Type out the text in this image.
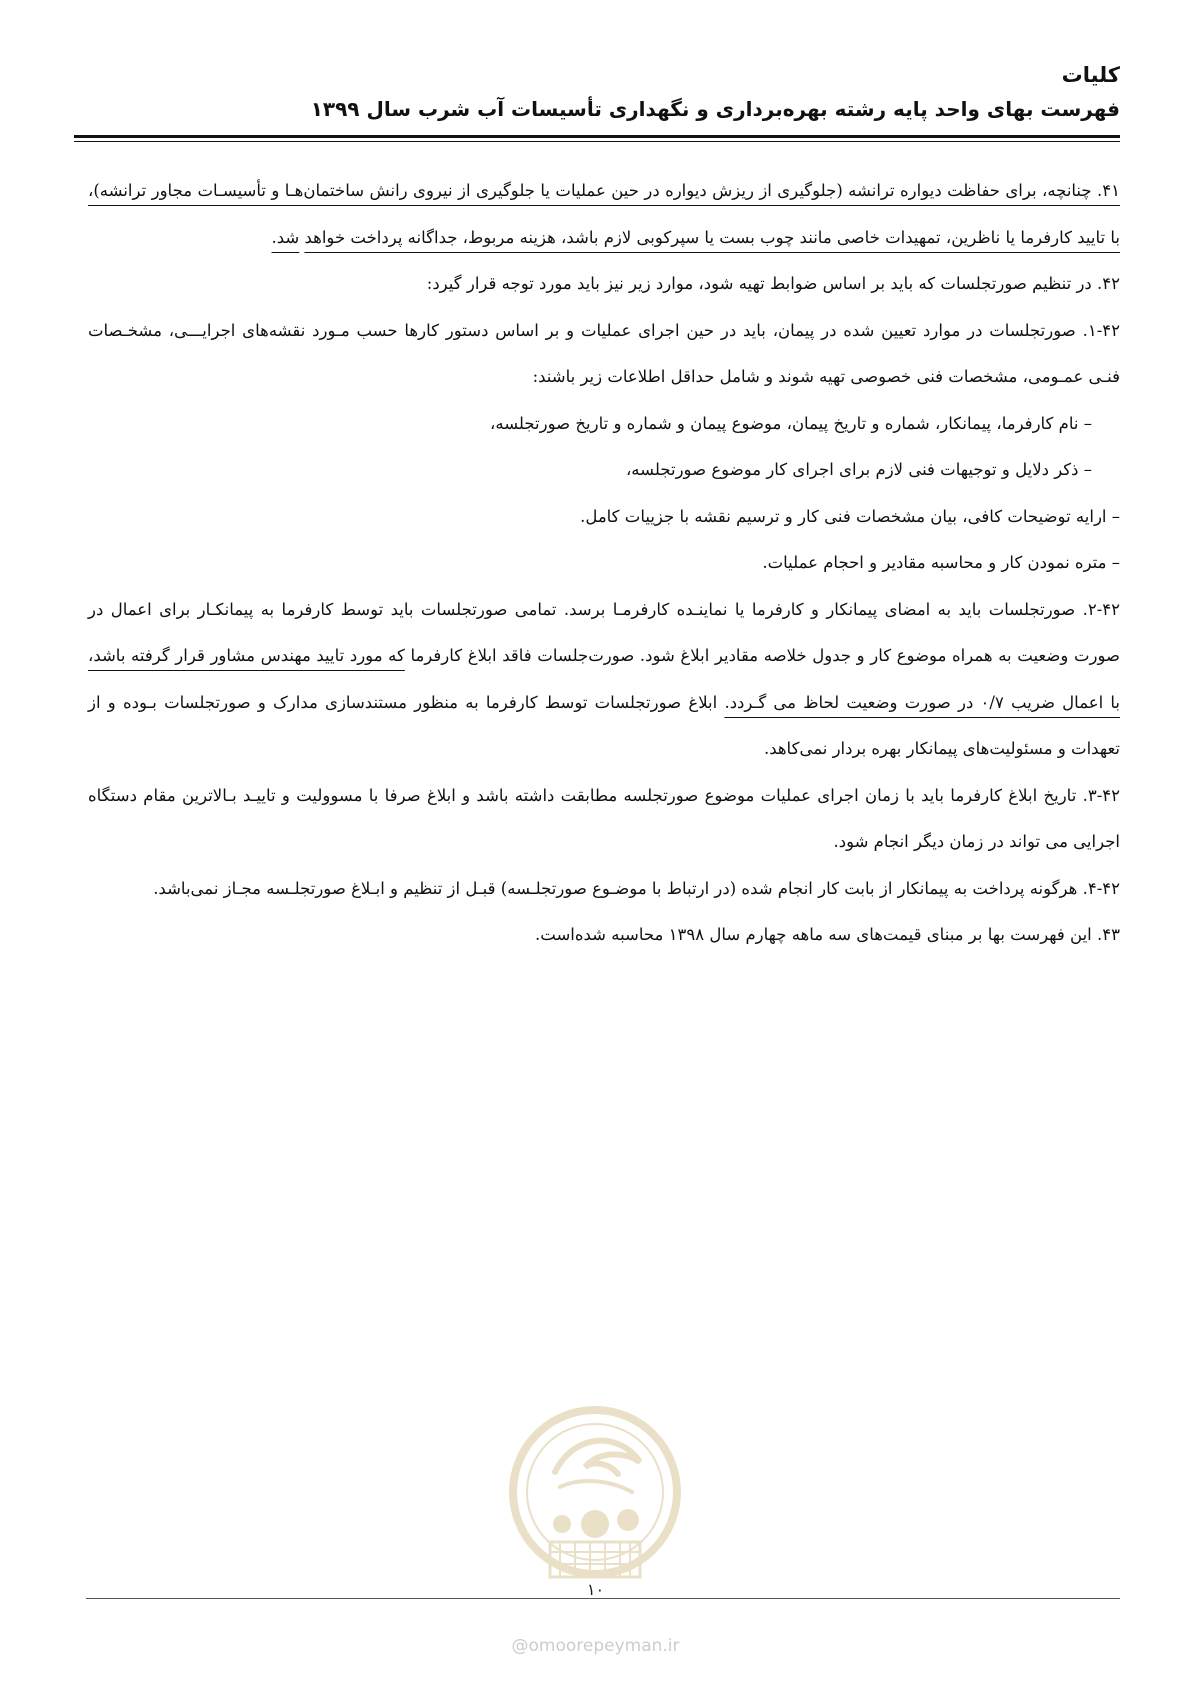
کلیات

فهرست بهای واحد پایه رشته بهره‌برداری و نگهداری تأسیسات آب شرب سال ۱۳۹۹

۴۱. چنانچه، برای حفاظت دیواره ترانشه (جلوگیری از ریزش دیواره در حین عملیات یا جلوگیری از نیروی رانش ساختمان‌هـا و تأسیسـات مجاور ترانشه)، با تایید کارفرما یا ناظرین، تمهیدات خاصی مانند چوب بست یا سپرکوبی لازم باشد، هزینه مربوط، جداگانه پرداخت خواهد شد.

۴۲. در تنظیم صورتجلسات که باید بر اساس ضوابط تهیه شود، موارد زیر نیز باید مورد توجه قرار گیرد:

۱-۴۲. صورتجلسات در موارد تعیین شده در پیمان، باید در حین اجرای عملیات و بر اساس دستور کارها حسب مـورد نقشه‌های اجرایـــی، مشخـصات فنـی عمـومی، مشخصات فنی خصوصی تهیه شوند و شامل حداقل اطلاعات زیر باشند:

– نام کارفرما، پیمانکار، شماره و تاریخ پیمان، موضوع پیمان و شماره و تاریخ صورتجلسه،

– ذکر دلایل و توجیهات فنی لازم برای اجرای کار موضوع صورتجلسه،

– ارایه توضیحات کافی، بیان مشخصات فنی کار و ترسیم نقشه با جزییات کامل.

– متره نمودن کار و محاسبه مقادیر و احجام عملیات.

۲-۴۲. صورتجلسات باید به امضای پیمانکار و کارفرما یا نماینـده کارفرمـا برسد. تمامی صورتجلسات باید توسط کارفرما به پیمانکـار برای اعمال در صورت وضعیت به همراه موضوع کار و جدول خلاصه مقادیر ابلاغ شود. صورت‌جلسات فاقد ابلاغ کارفرما که مورد تایید مهندس مشاور قرار گرفته باشد، با اعمال ضریب ۰/۷ در صورت وضعیت لحاظ می گـردد. ابلاغ صورتجلسات توسط کارفرما به منظور مستندسازی مدارک و صورتجلسات بـوده و از تعهدات و مسئولیت‌های پیمانکار بهره بردار نمی‌کاهد.

۳-۴۲. تاریخ ابلاغ کارفرما باید با زمان اجرای عملیات موضوع صورتجلسه مطابقت داشته باشد و ابلاغ صرفا با مسوولیت و تاییـد بـالاترین مقام دستگاه اجرایی می تواند در زمان دیگر انجام شود.

۴-۴۲. هرگونه پرداخت به پیمانکار از بابت کار انجام شده (در ارتباط با موضـوع صورتجلـسه) قبـل از تنظیم و ابـلاغ صورتجلـسه مجـاز نمی‌باشد.

۴۳. این فهرست بها بر مبنای قیمت‌های سه ماهه چهارم سال ۱۳۹۸ محاسبه شده‌است.

۱۰
@omoorepeyman.ir
